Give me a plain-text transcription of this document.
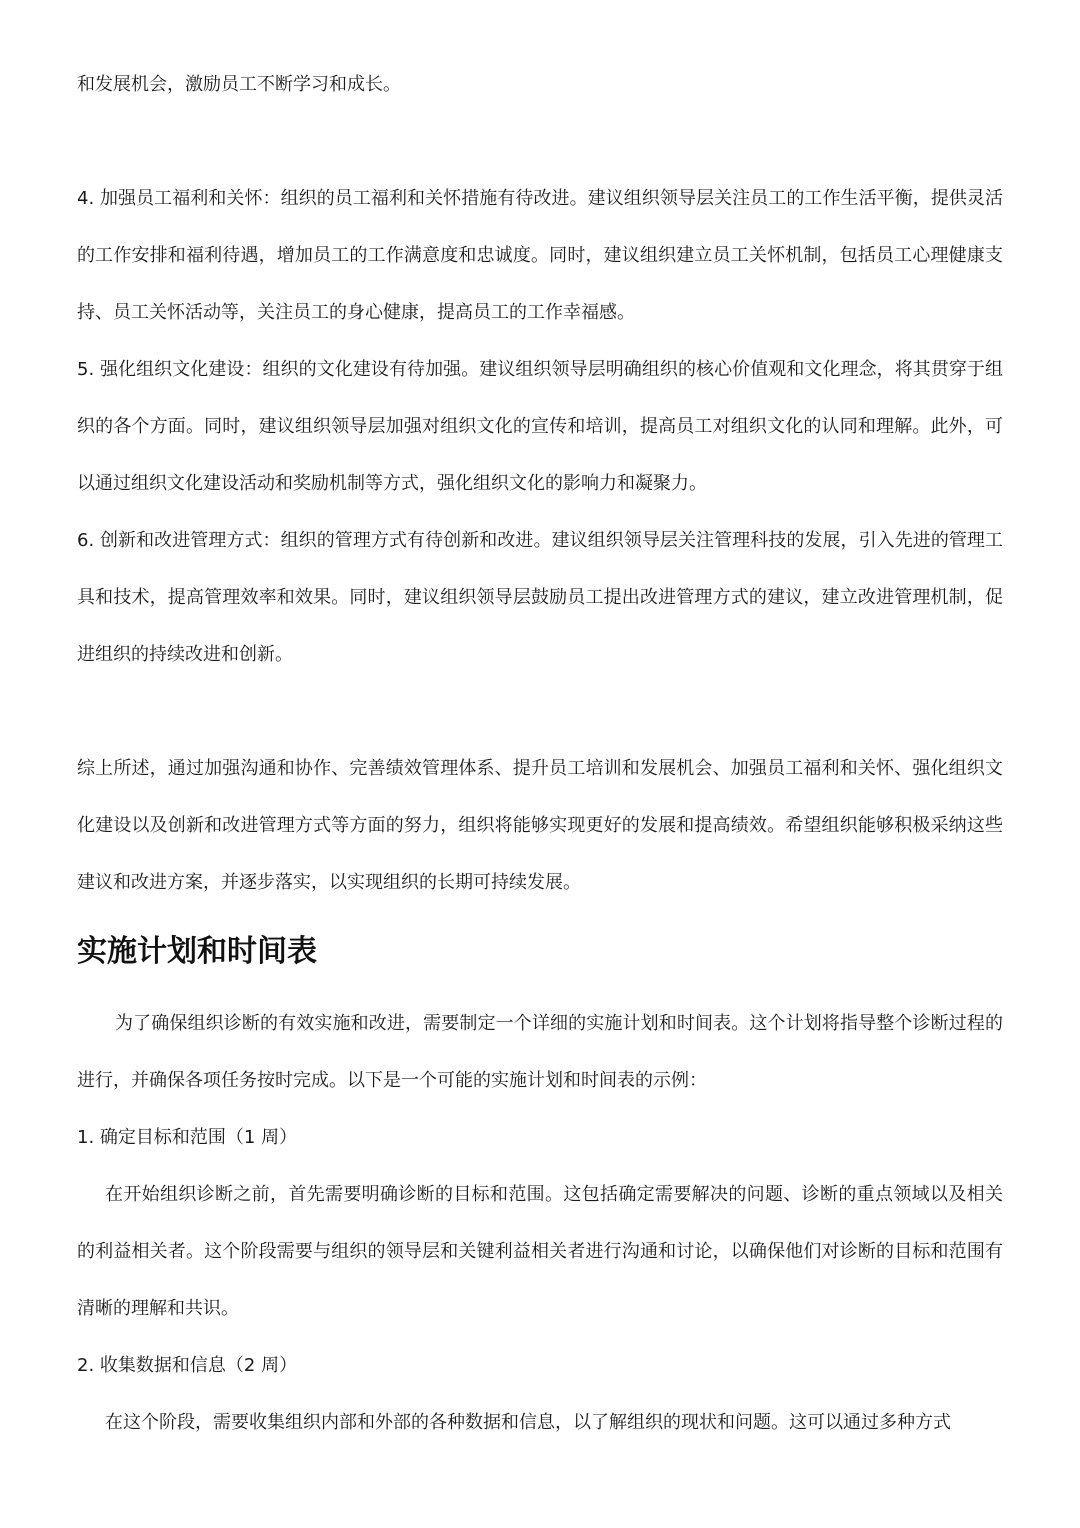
和发展机会，激励员工不断学习和成长。

4. 加强员工福利和关怀：组织的员工福利和关怀措施有待改进。建议组织领导层关注员工的工作生活平衡，提供灵活的工作安排和福利待遇，增加员工的工作满意度和忠诚度。同时，建议组织建立员工关怀机制，包括员工心理健康支持、员工关怀活动等，关注员工的身心健康，提高员工的工作幸福感。

5. 强化组织文化建设：组织的文化建设有待加强。建议组织领导层明确组织的核心价值观和文化理念，将其贯穿于组织的各个方面。同时，建议组织领导层加强对组织文化的宣传和培训，提高员工对组织文化的认同和理解。此外，可以通过组织文化建设活动和奖励机制等方式，强化组织文化的影响力和凝聚力。

6. 创新和改进管理方式：组织的管理方式有待创新和改进。建议组织领导层关注管理科技的发展，引入先进的管理工具和技术，提高管理效率和效果。同时，建议组织领导层鼓励员工提出改进管理方式的建议，建立改进管理机制，促进组织的持续改进和创新。

综上所述，通过加强沟通和协作、完善绩效管理体系、提升员工培训和发展机会、加强员工福利和关怀、强化组织文化建设以及创新和改进管理方式等方面的努力，组织将能够实现更好的发展和提高绩效。希望组织能够积极采纳这些建议和改进方案，并逐步落实，以实现组织的长期可持续发展。

实施计划和时间表

为了确保组织诊断的有效实施和改进，需要制定一个详细的实施计划和时间表。这个计划将指导整个诊断过程的进行，并确保各项任务按时完成。以下是一个可能的实施计划和时间表的示例：

1. 确定目标和范围（1 周）

在开始组织诊断之前，首先需要明确诊断的目标和范围。这包括确定需要解决的问题、诊断的重点领域以及相关的利益相关者。这个阶段需要与组织的领导层和关键利益相关者进行沟通和讨论，以确保他们对诊断的目标和范围有清晰的理解和共识。

2. 收集数据和信息（2 周）

在这个阶段，需要收集组织内部和外部的各种数据和信息，以了解组织的现状和问题。这可以通过多种方式
